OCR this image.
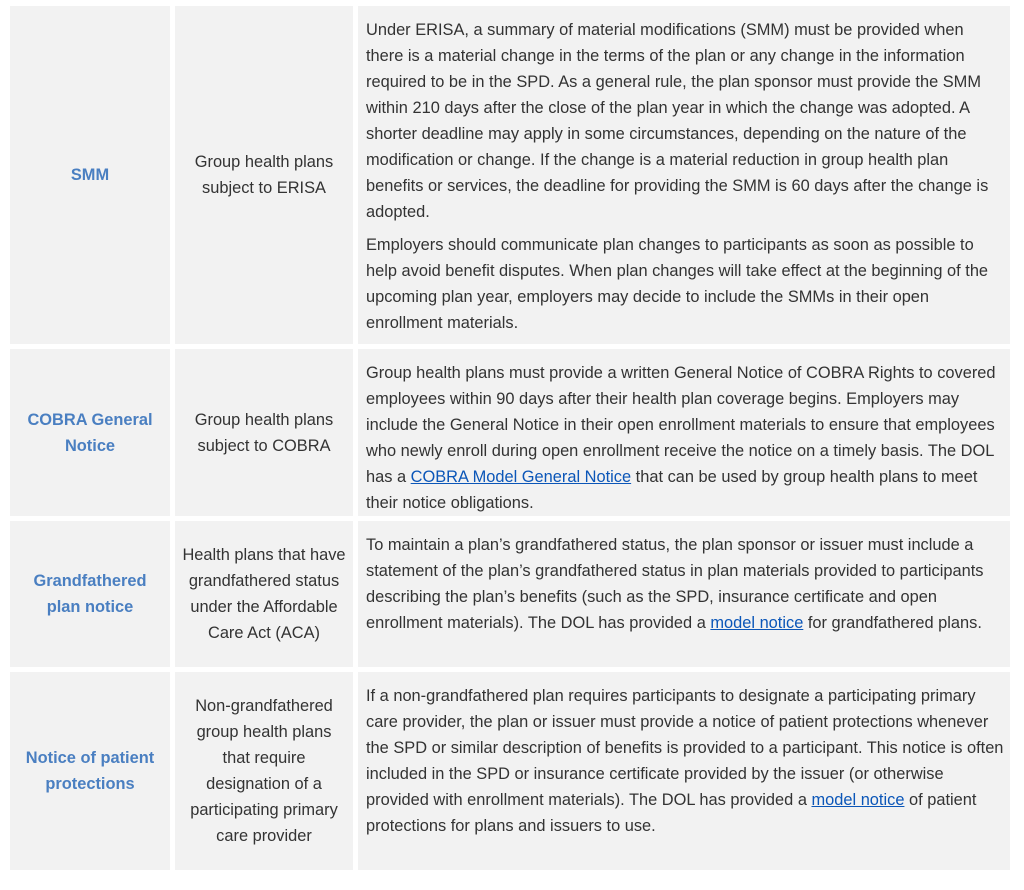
SMM
Group health plans subject to ERISA

Under ERISA, a summary of material modifications (SMM) must be provided when there is a material change in the terms of the plan or any change in the information required to be in the SPD. As a general rule, the plan sponsor must provide the SMM within 210 days after the close of the plan year in which the change was adopted. A shorter deadline may apply in some circumstances, depending on the nature of the modification or change. If the change is a material reduction in group health plan benefits or services, the deadline for providing the SMM is 60 days after the change is adopted.

Employers should communicate plan changes to participants as soon as possible to help avoid benefit disputes. When plan changes will take effect at the beginning of the upcoming plan year, employers may decide to include the SMMs in their open enrollment materials.

COBRA General Notice
Group health plans subject to COBRA

Group health plans must provide a written General Notice of COBRA Rights to covered employees within 90 days after their health plan coverage begins. Employers may include the General Notice in their open enrollment materials to ensure that employees who newly enroll during open enrollment receive the notice on a timely basis. The DOL has a COBRA Model General Notice that can be used by group health plans to meet their notice obligations.

Grandfathered plan notice
Health plans that have grandfathered status under the Affordable Care Act (ACA)

To maintain a plan’s grandfathered status, the plan sponsor or issuer must include a statement of the plan’s grandfathered status in plan materials provided to participants describing the plan’s benefits (such as the SPD, insurance certificate and open enrollment materials). The DOL has provided a model notice for grandfathered plans.

Notice of patient protections
Non-grandfathered group health plans that require designation of a participating primary care provider

If a non-grandfathered plan requires participants to designate a participating primary care provider, the plan or issuer must provide a notice of patient protections whenever the SPD or similar description of benefits is provided to a participant. This notice is often included in the SPD or insurance certificate provided by the issuer (or otherwise provided with enrollment materials). The DOL has provided a model notice of patient protections for plans and issuers to use.
